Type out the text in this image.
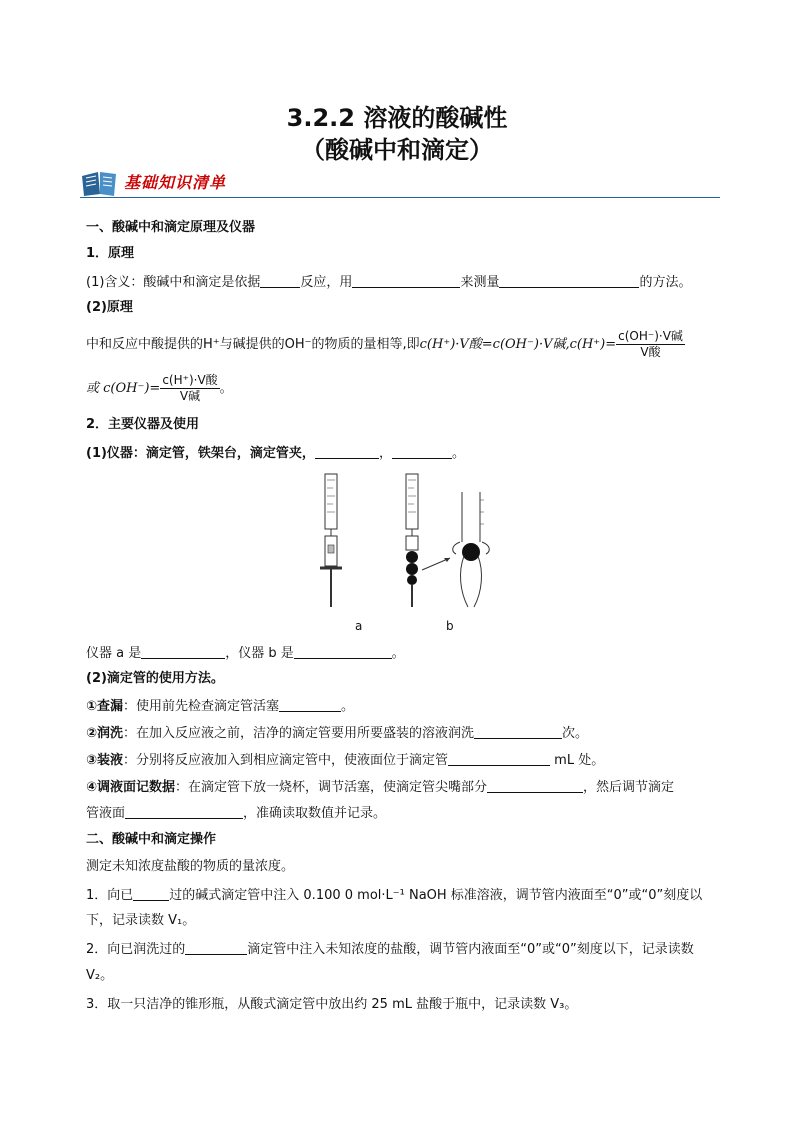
3.2.2 溶液的酸碱性
（酸碱中和滴定）
基础知识清单
一、酸碱中和滴定原理及仪器
1．原理
(1)含义：酸碱中和滴定是依据	反应，用	来测量	的方法。
(2)原理
中和反应中酸提供的H⁺与碱提供的OH⁻的物质的量相等,即c(H⁺)·V酸=c(OH⁻)·V碱$,c(H^+)= \frac{\text{c(OH⁻)·V碱}}{\text{V酸}}$
或 $c(OH^-)= \frac{\text{c(H⁺)·V酸}}{\text{V碱}}$ 。
2．主要仪器及使用
(1)仪器：滴定管，铁架台，滴定管夹，	，	。
a	b
仪器 a 是	，仪器 b 是	。
(2)滴定管的使用方法。
①查漏：使用前先检查滴定管活塞	。
②润洗：在加入反应液之前，洁净的滴定管要用所要盛装的溶液润洗	次。
③装液：分别将反应液加入到相应滴定管中，使液面位于滴定管	mL 处。
④调液面记数据：在滴定管下放一烧杯，调节活塞，使滴定管尖嘴部分	，然后调节滴定
管液面	，准确读取数值并记录。
二、酸碱中和滴定操作
测定未知浓度盐酸的物质的量浓度。
1．向已	过的碱式滴定管中注入 0.100 0 mol·L⁻¹ NaOH 标准溶液，调节管内液面至“0”或“0”刻度以
下，记录读数 V₁。
2．向已润洗过的	滴定管中注入未知浓度的盐酸，调节管内液面至“0”或“0”刻度以下，记录读数
V₂。
3．取一只洁净的锥形瓶，从酸式滴定管中放出约 25 mL 盐酸于瓶中，记录读数 V₃。
